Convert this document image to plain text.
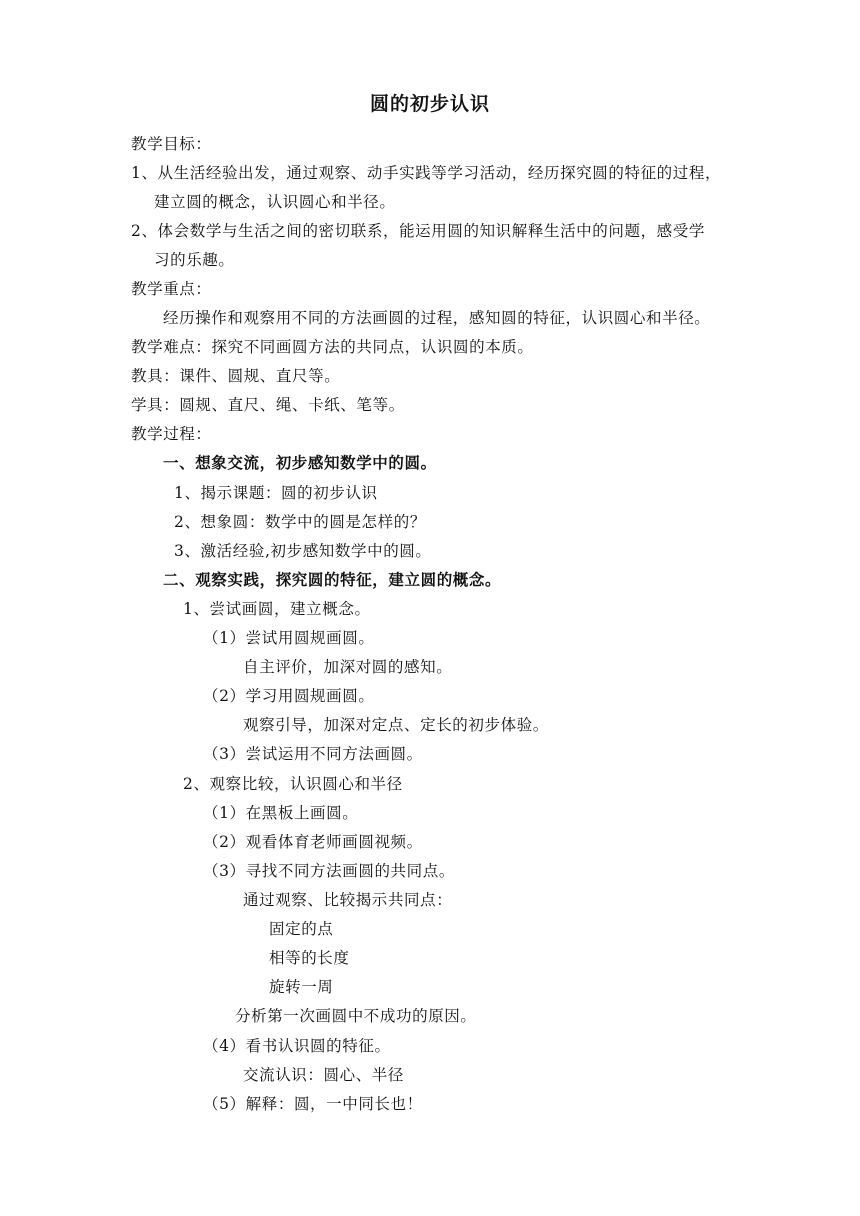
圆的初步认识
教学目标：
1、从生活经验出发，通过观察、动手实践等学习活动，经历探究圆的特征的过程，
建立圆的概念，认识圆心和半径。
2、体会数学与生活之间的密切联系，能运用圆的知识解释生活中的问题，感受学
习的乐趣。
教学重点：
经历操作和观察用不同的方法画圆的过程，感知圆的特征，认识圆心和半径。
教学难点：探究不同画圆方法的共同点，认识圆的本质。
教具：课件、圆规、直尺等。
学具：圆规、直尺、绳、卡纸、笔等。
教学过程：
一、想象交流，初步感知数学中的圆。
1、揭示课题：圆的初步认识
2、想象圆：数学中的圆是怎样的？
3、激活经验,初步感知数学中的圆。
二、观察实践，探究圆的特征，建立圆的概念。
1、尝试画圆，建立概念。
（1）尝试用圆规画圆。
自主评价，加深对圆的感知。
（2）学习用圆规画圆。
观察引导，加深对定点、定长的初步体验。
（3）尝试运用不同方法画圆。
2、观察比较，认识圆心和半径
（1）在黑板上画圆。
（2）观看体育老师画圆视频。
（3）寻找不同方法画圆的共同点。
通过观察、比较揭示共同点：
固定的点
相等的长度
旋转一周
分析第一次画圆中不成功的原因。
（4）看书认识圆的特征。
交流认识：圆心、半径
（5）解释：圆，一中同长也！
